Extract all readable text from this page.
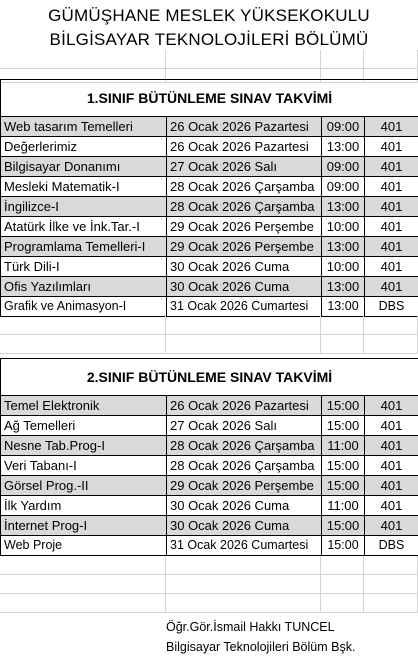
GÜMÜŞHANE MESLEK YÜKSEKOKULU
BİLGİSAYAR TEKNOLOJİLERİ BÖLÜMÜ
1.SINIF BÜTÜNLEME SINAV TAKVİMİ			
Web tasarım Temelleri	26 Ocak 2026 Pazartesi	09:00	401
Değerlerimiz	26 Ocak 2026 Pazartesi	13:00	401
Bilgisayar Donanımı	27 Ocak 2026 Salı	09:00	401
Mesleki Matematik-I	28 Ocak 2026 Çarşamba	09:00	401
İngilizce-I	28 Ocak 2026 Çarşamba	13:00	401
Atatürk İlke ve İnk.Tar.-I	29 Ocak 2026 Perşembe	10:00	401
Programlama Temelleri-I	29 Ocak 2026 Perşembe	13:00	401
Türk Dili-I	30 Ocak 2026 Cuma	10:00	401
Ofis Yazılımları	30 Ocak 2026 Cuma	13:00	401
Grafik ve Animasyon-I	31 Ocak 2026 Cumartesi	13:00	DBS
2.SINIF BÜTÜNLEME SINAV TAKVİMİ			
Temel Elektronik	26 Ocak 2026 Pazartesi	15:00	401
Ağ Temelleri	27 Ocak 2026 Salı	15:00	401
Nesne Tab.Prog-I	28 Ocak 2026 Çarşamba	11:00	401
Veri Tabanı-I	28 Ocak 2026 Çarşamba	15:00	401
Görsel Prog.-II	29 Ocak 2026 Perşembe	15:00	401
İlk Yardım	30 Ocak 2026 Cuma	11:00	401
İnternet Prog-I	30 Ocak 2026 Cuma	15:00	401
Web Proje	31 Ocak 2026 Cumartesi	15:00	DBS
Öğr.Gör.İsmail Hakkı TUNCEL
Bilgisayar Teknolojileri Bölüm Bşk.
